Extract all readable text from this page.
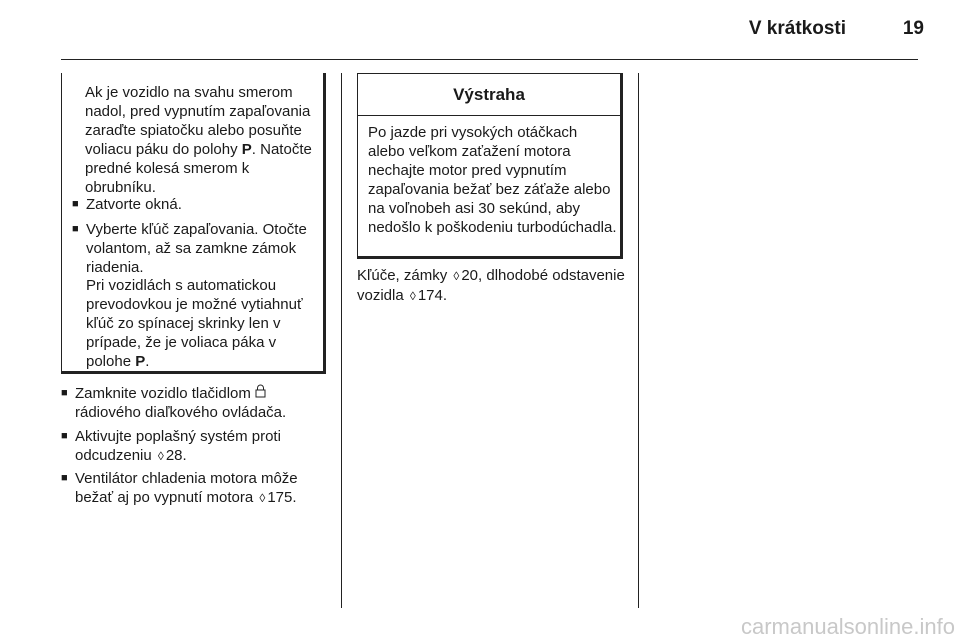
V krátkosti	19
Ak je vozidlo na svahu smerom nadol, pred vypnutím zapaľovania zaraďte spiatočku alebo posuňte voliacu páku do polohy P. Natočte predné kolesá smerom k obrubníku.
■ Zatvorte okná.
■ Vyberte kľúč zapaľovania. Otočte volantom, až sa zamkne zámok riadenia.
Pri vozidlách s automatickou prevodovkou je možné vytiahnuť kľúč zo spínacej skrinky len v prípade, že je voliaca páka v polohe P.
■ Zamknite vozidlo tlačidlom
rádiového diaľkového ovládača.
■ Aktivujte poplašný systém proti odcudzeniu ◊ 28.
■ Ventilátor chladenia motora môže bežať aj po vypnutí motora ◊ 175.
Výstraha
Po jazde pri vysokých otáčkach alebo veľkom zaťažení motora nechajte motor pred vypnutím zapaľovania bežať bez záťaže alebo na voľnobeh asi 30 sekúnd, aby nedošlo k poškodeniu turbodúchadla.
Kľúče, zámky ◊ 20, dlhodobé odstavenie vozidla ◊ 174.
carmanualsonline.info
